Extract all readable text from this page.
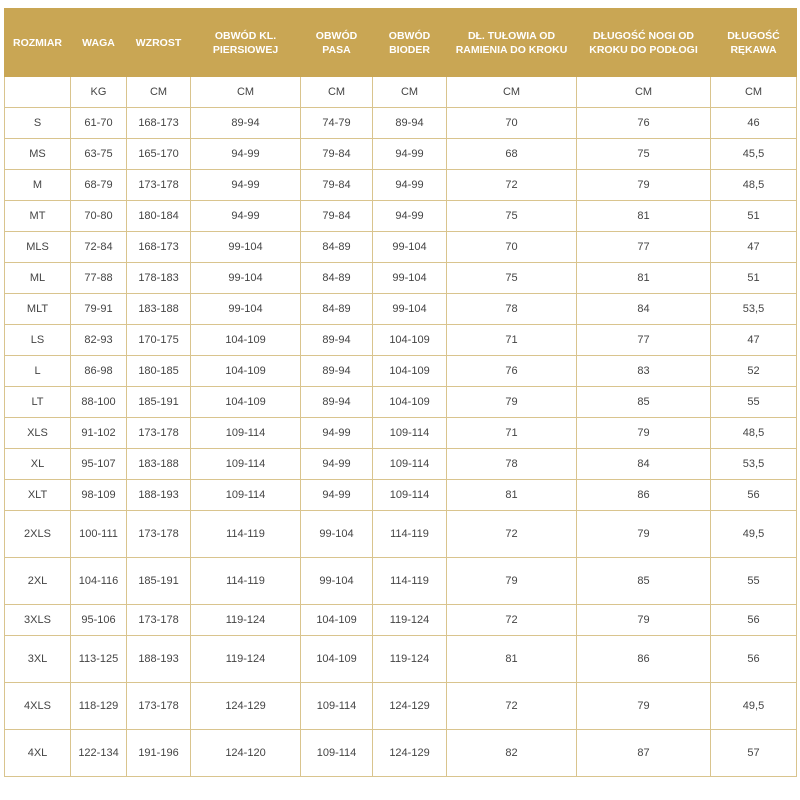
ROZMIAR	WAGA	WZROST	OBWÓD KL. PIERSIOWEJ	OBWÓD PASA	OBWÓD BIODER	DŁ. TUŁOWIA OD RAMIENIA DO KROKU	DŁUGOŚĆ NOGI OD KROKU DO PODŁOGI	DŁUGOŚĆ RĘKAWA
	KG	CM	CM	CM	CM	CM	CM	CM
S	61-70	168-173	89-94	74-79	89-94	70	76	46
MS	63-75	165-170	94-99	79-84	94-99	68	75	45,5
M	68-79	173-178	94-99	79-84	94-99	72	79	48,5
MT	70-80	180-184	94-99	79-84	94-99	75	81	51
MLS	72-84	168-173	99-104	84-89	99-104	70	77	47
ML	77-88	178-183	99-104	84-89	99-104	75	81	51
MLT	79-91	183-188	99-104	84-89	99-104	78	84	53,5
LS	82-93	170-175	104-109	89-94	104-109	71	77	47
L	86-98	180-185	104-109	89-94	104-109	76	83	52
LT	88-100	185-191	104-109	89-94	104-109	79	85	55
XLS	91-102	173-178	109-114	94-99	109-114	71	79	48,5
XL	95-107	183-188	109-114	94-99	109-114	78	84	53,5
XLT	98-109	188-193	109-114	94-99	109-114	81	86	56
2XLS	100-111	173-178	114-119	99-104	114-119	72	79	49,5
2XL	104-116	185-191	114-119	99-104	114-119	79	85	55
3XLS	95-106	173-178	119-124	104-109	119-124	72	79	56
3XL	113-125	188-193	119-124	104-109	119-124	81	86	56
4XLS	118-129	173-178	124-129	109-114	124-129	72	79	49,5
4XL	122-134	191-196	124-120	109-114	124-129	82	87	57
